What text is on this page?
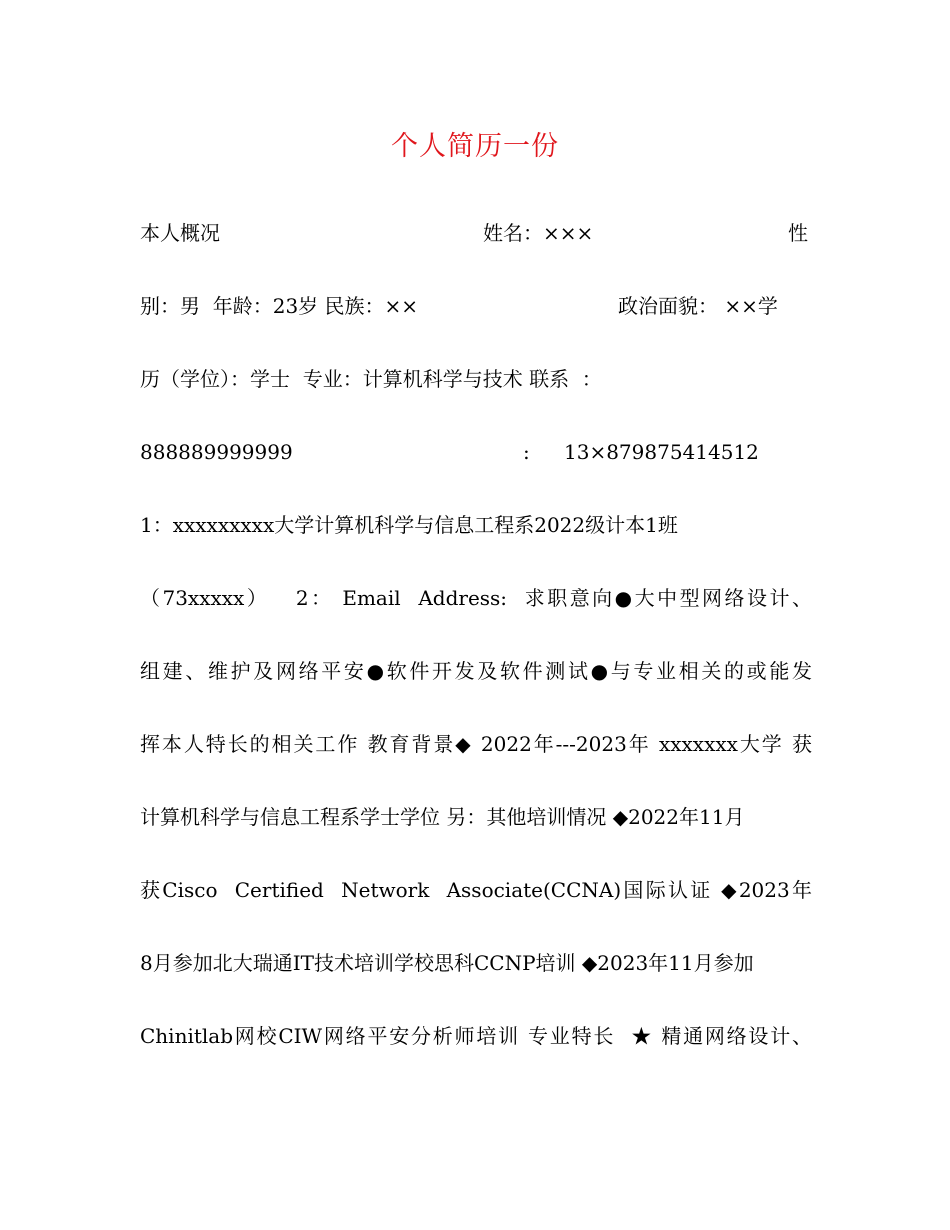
个人简历一份

本人概况

	姓名：×××

	性

别：男  年龄：23岁 民族：××

	政治面貌： ××学

历（学位）：学士  专业：计算机科学与技术 联系  ：

888889999999

	:

13×879875414512

1：xxxxxxxxx大学计算机科学与信息工程系2022级计本1班

（73xxxxx）   2： Email  Address:  求职意向●大中型网络设计、
组建、维护及网络平安●软件开发及软件测试●与专业相关的或能发
挥本人特长的相关工作 教育背景◆ 2022年---2023年 xxxxxxx大学 获
计算机科学与信息工程系学士学位 另：其他培训情况 ◆2022年11月
获Cisco  Certified  Network  Associate(CCNA)国际认证 ◆2023年
8月参加北大瑞通IT技术培训学校思科CCNP培训 ◆2023年11月参加
Chinitlab网校CIW网络平安分析师培训 专业特长  ★ 精通网络设计、
